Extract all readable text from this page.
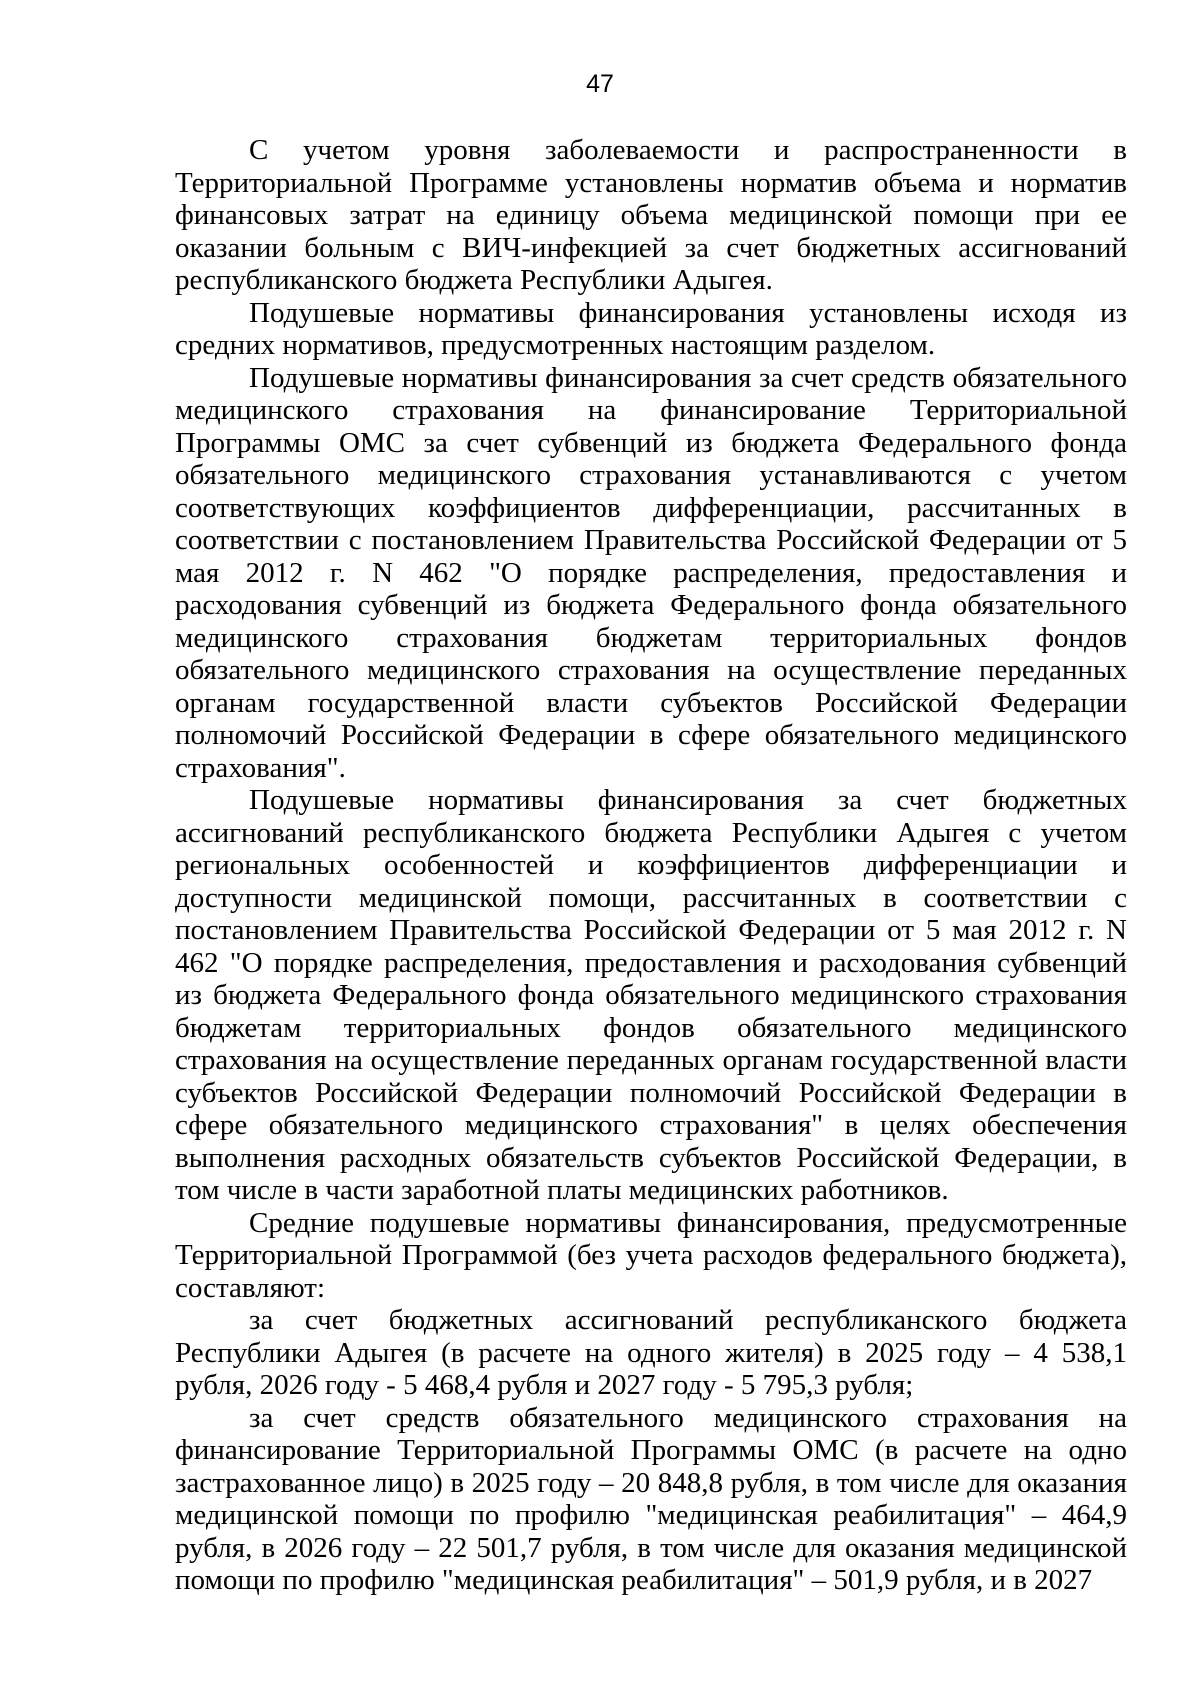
47

С учетом уровня заболеваемости и распространенности в Территориальной Программе установлены норматив объема и норматив финансовых затрат на единицу объема медицинской помощи при ее оказании больным с ВИЧ-инфекцией за счет бюджетных ассигнований республиканского бюджета Республики Адыгея.

Подушевые нормативы финансирования установлены исходя из средних нормативов, предусмотренных настоящим разделом.

Подушевые нормативы финансирования за счет средств обязательного медицинского страхования на финансирование Территориальной Программы ОМС за счет субвенций из бюджета Федерального фонда обязательного медицинского страхования устанавливаются с учетом соответствующих коэффициентов дифференциации, рассчитанных в соответствии с постановлением Правительства Российской Федерации от 5 мая 2012 г. N 462 "О порядке распределения, предоставления и расходования субвенций из бюджета Федерального фонда обязательного медицинского страхования бюджетам территориальных фондов обязательного медицинского страхования на осуществление переданных органам государственной власти субъектов Российской Федерации полномочий Российской Федерации в сфере обязательного медицинского страхования".

Подушевые нормативы финансирования за счет бюджетных ассигнований республиканского бюджета Республики Адыгея с учетом региональных особенностей и коэффициентов дифференциации и доступности медицинской помощи, рассчитанных в соответствии с постановлением Правительства Российской Федерации от 5 мая 2012 г. N 462 "О порядке распределения, предоставления и расходования субвенций из бюджета Федерального фонда обязательного медицинского страхования бюджетам территориальных фондов обязательного медицинского страхования на осуществление переданных органам государственной власти субъектов Российской Федерации полномочий Российской Федерации в сфере обязательного медицинского страхования" в целях обеспечения выполнения расходных обязательств субъектов Российской Федерации, в том числе в части заработной платы медицинских работников.

Средние подушевые нормативы финансирования, предусмотренные Территориальной Программой (без учета расходов федерального бюджета), составляют:

за счет бюджетных ассигнований республиканского бюджета Республики Адыгея (в расчете на одного жителя) в 2025 году – 4 538,1 рубля, 2026 году - 5 468,4 рубля и 2027 году - 5 795,3 рубля;

за счет средств обязательного медицинского страхования на финансирование Территориальной Программы ОМС (в расчете на одно застрахованное лицо) в 2025 году – 20 848,8 рубля, в том числе для оказания медицинской помощи по профилю "медицинская реабилитация" – 464,9 рубля, в 2026 году – 22 501,7 рубля, в том числе для оказания медицинской помощи по профилю "медицинская реабилитация" – 501,9 рубля, и в 2027
